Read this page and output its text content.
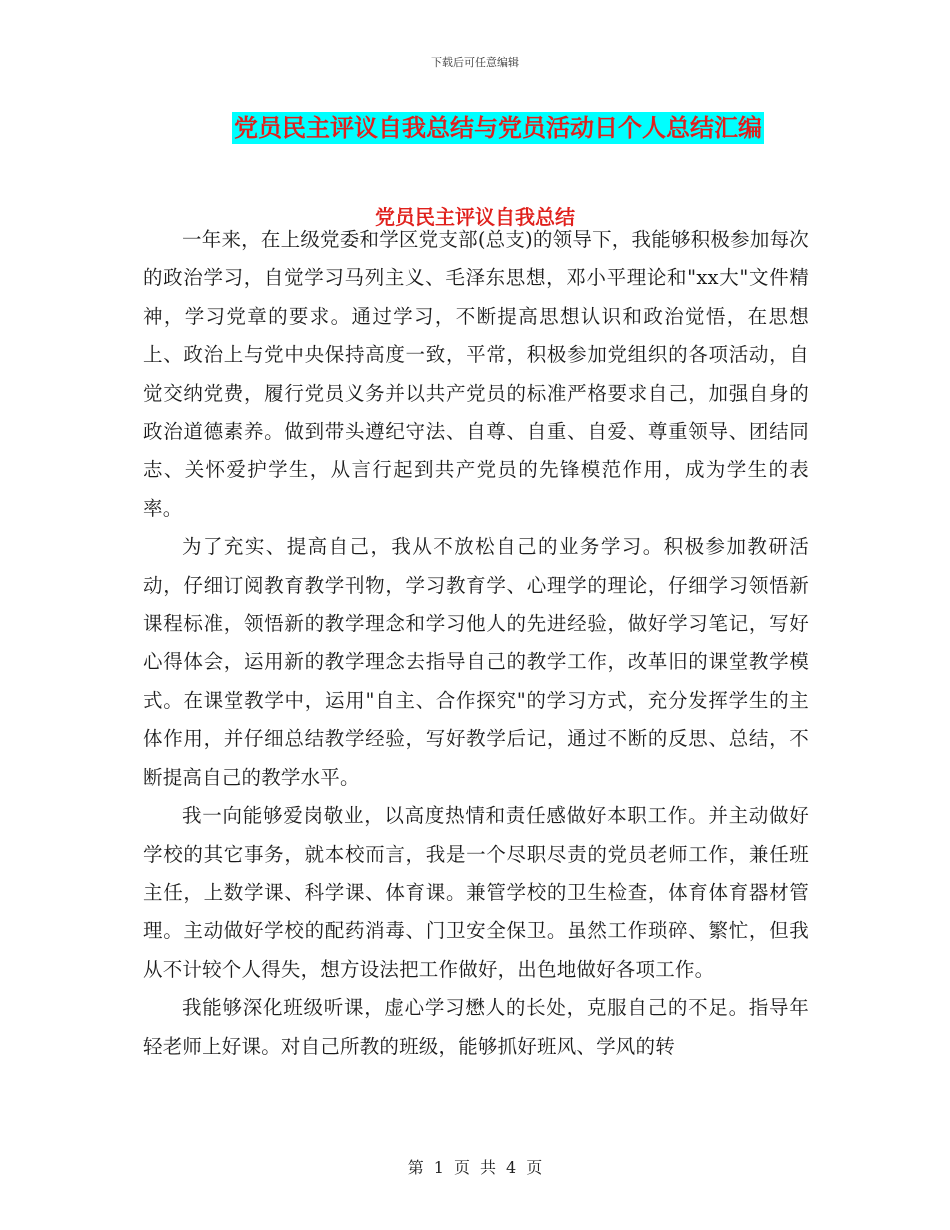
下载后可任意编辑
党员民主评议自我总结与党员活动日个人总结汇编
党员民主评议自我总结

一年来，在上级党委和学区党支部(总支)的领导下，我能够积极参加每次的政治学习，自觉学习马列主义、毛泽东思想，邓小平理论和"xx大"文件精神，学习党章的要求。通过学习，不断提高思想认识和政治觉悟，在思想上、政治上与党中央保持高度一致，平常，积极参加党组织的各项活动，自觉交纳党费，履行党员义务并以共产党员的标准严格要求自己，加强自身的政治道德素养。做到带头遵纪守法、自尊、自重、自爱、尊重领导、团结同志、关怀爱护学生，从言行起到共产党员的先锋模范作用，成为学生的表率。

为了充实、提高自己，我从不放松自己的业务学习。积极参加教研活动，仔细订阅教育教学刊物，学习教育学、心理学的理论，仔细学习领悟新课程标准，领悟新的教学理念和学习他人的先进经验，做好学习笔记，写好心得体会，运用新的教学理念去指导自己的教学工作，改革旧的课堂教学模式。在课堂教学中，运用"自主、合作探究"的学习方式，充分发挥学生的主体作用，并仔细总结教学经验，写好教学后记，通过不断的反思、总结，不断提高自己的教学水平。

我一向能够爱岗敬业，以高度热情和责任感做好本职工作。并主动做好学校的其它事务，就本校而言，我是一个尽职尽责的党员老师工作，兼任班主任，上数学课、科学课、体育课。兼管学校的卫生检查，体育体育器材管理。主动做好学校的配药消毒、门卫安全保卫。虽然工作琐碎、繁忙，但我从不计较个人得失，想方设法把工作做好，出色地做好各项工作。

我能够深化班级听课，虚心学习懋人的长处，克服自己的不足。指导年轻老师上好课。对自己所教的班级，能够抓好班风、学风的转

第 1 页 共 4 页
